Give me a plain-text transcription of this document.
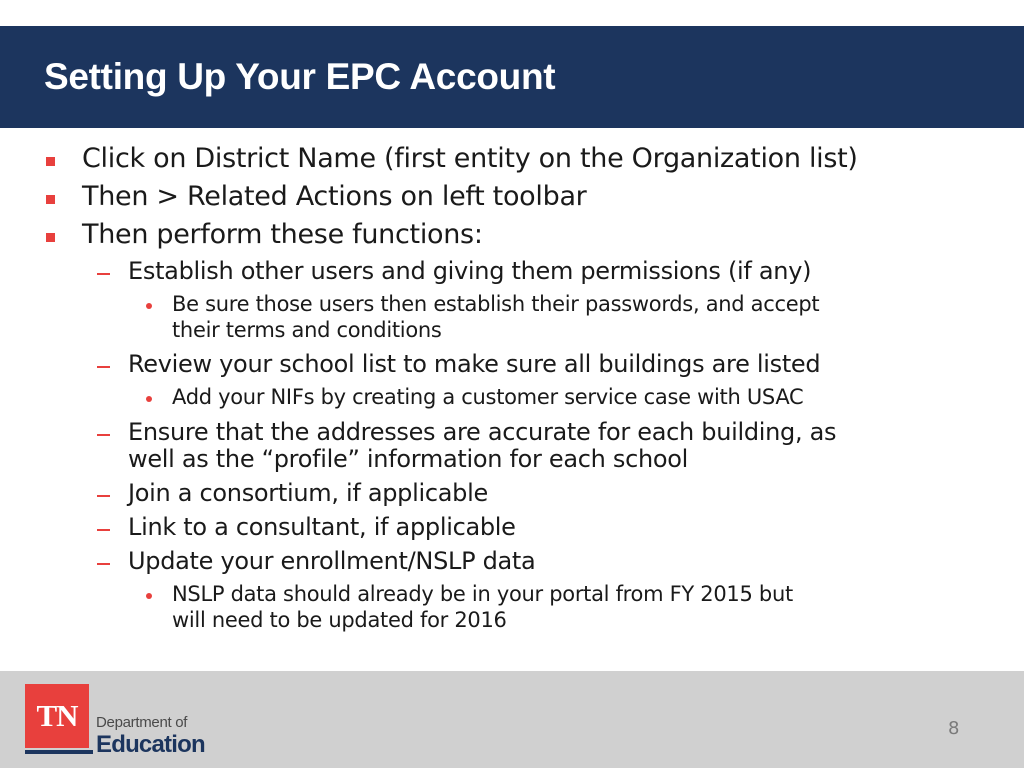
Setting Up Your EPC Account
Click on District Name (first entity on the Organization list)
Then > Related Actions on left toolbar
Then perform these functions:
Establish other users and giving them permissions (if any)
Be sure those users then establish their passwords, and accept
their terms and conditions
Review your school list to make sure all buildings are listed
Add your NIFs by creating a customer service case with USAC
Ensure that the addresses are accurate for each building, as
well as the “profile” information for each school
Join a consortium, if applicable
Link to a consultant, if applicable
Update your enrollment/NSLP data
NSLP data should already be in your portal from FY 2015 but
will need to be updated for 2016
TN Department of
Education
8
